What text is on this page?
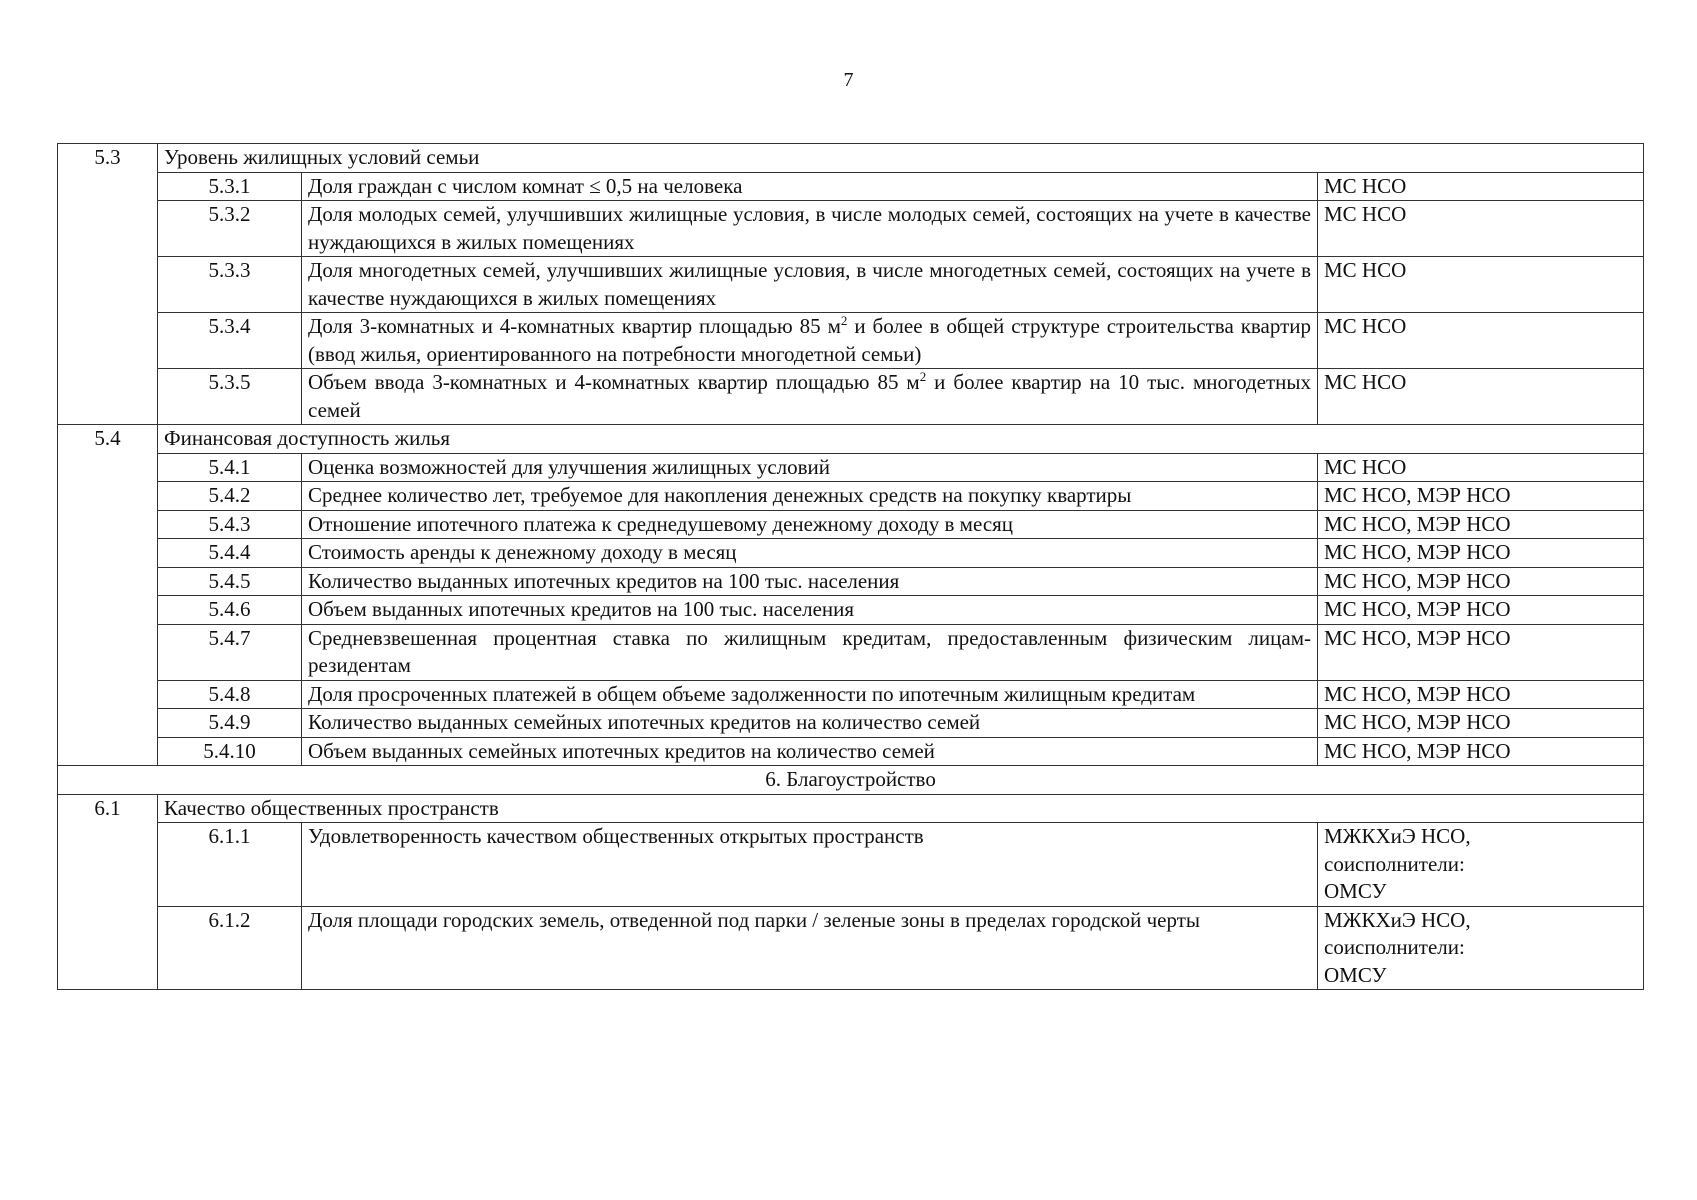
7
5.3	Уровень жилищных условий семьи		
	5.3.1	Доля граждан с числом комнат ≤ 0,5 на человека	МС НСО
	5.3.2	Доля молодых семей, улучшивших жилищные условия, в числе молодых семей, состоящих на учете в качестве нуждающихся в жилых помещениях	МС НСО
	5.3.3	Доля многодетных семей, улучшивших жилищные условия, в числе многодетных семей, состоящих на учете в качестве нуждающихся в жилых помещениях	МС НСО
	5.3.4	Доля 3-комнатных и 4-комнатных квартир площадью 85 $м^2$ и более в общей структуре строительства квартир (ввод жилья, ориентированного на потребности многодетной семьи)	МС НСО
	5.3.5	Объем ввода 3-комнатных и 4-комнатных квартир площадью 85 $м^2$ и более квартир на 10 тыс. многодетных семей	МС НСО
5.4	Финансовая доступность жилья		
	5.4.1	Оценка возможностей для улучшения жилищных условий	МС НСО
	5.4.2	Среднее количество лет, требуемое для накопления денежных средств на покупку квартиры	МС НСО, МЭР НСО
	5.4.3	Отношение ипотечного платежа к среднедушевому денежному доходу в месяц	МС НСО, МЭР НСО
	5.4.4	Стоимость аренды к денежному доходу в месяц	МС НСО, МЭР НСО
	5.4.5	Количество выданных ипотечных кредитов на 100 тыс. населения	МС НСО, МЭР НСО
	5.4.6	Объем выданных ипотечных кредитов на 100 тыс. населения	МС НСО, МЭР НСО
	5.4.7	Средневзвешенная процентная ставка по жилищным кредитам, предоставленным физическим лицам-резидентам	МС НСО, МЭР НСО
	5.4.8	Доля просроченных платежей в общем объеме задолженности по ипотечным жилищным кредитам	МС НСО, МЭР НСО
	5.4.9	Количество выданных семейных ипотечных кредитов на количество семей	МС НСО, МЭР НСО
	5.4.10	Объем выданных семейных ипотечных кредитов на количество семей	МС НСО, МЭР НСО
6. Благоустройство			
6.1	Качество общественных пространств		
	6.1.1	Удовлетворенность качеством общественных открытых пространств	МЖКХиЭ НСО,
соисполнители:
ОМСУ

	6.1.2	Доля площади городских земель, отведенной под парки / зеленые зоны в пределах городской черты	МЖКХиЭ НСО,
соисполнители:
ОМСУ
